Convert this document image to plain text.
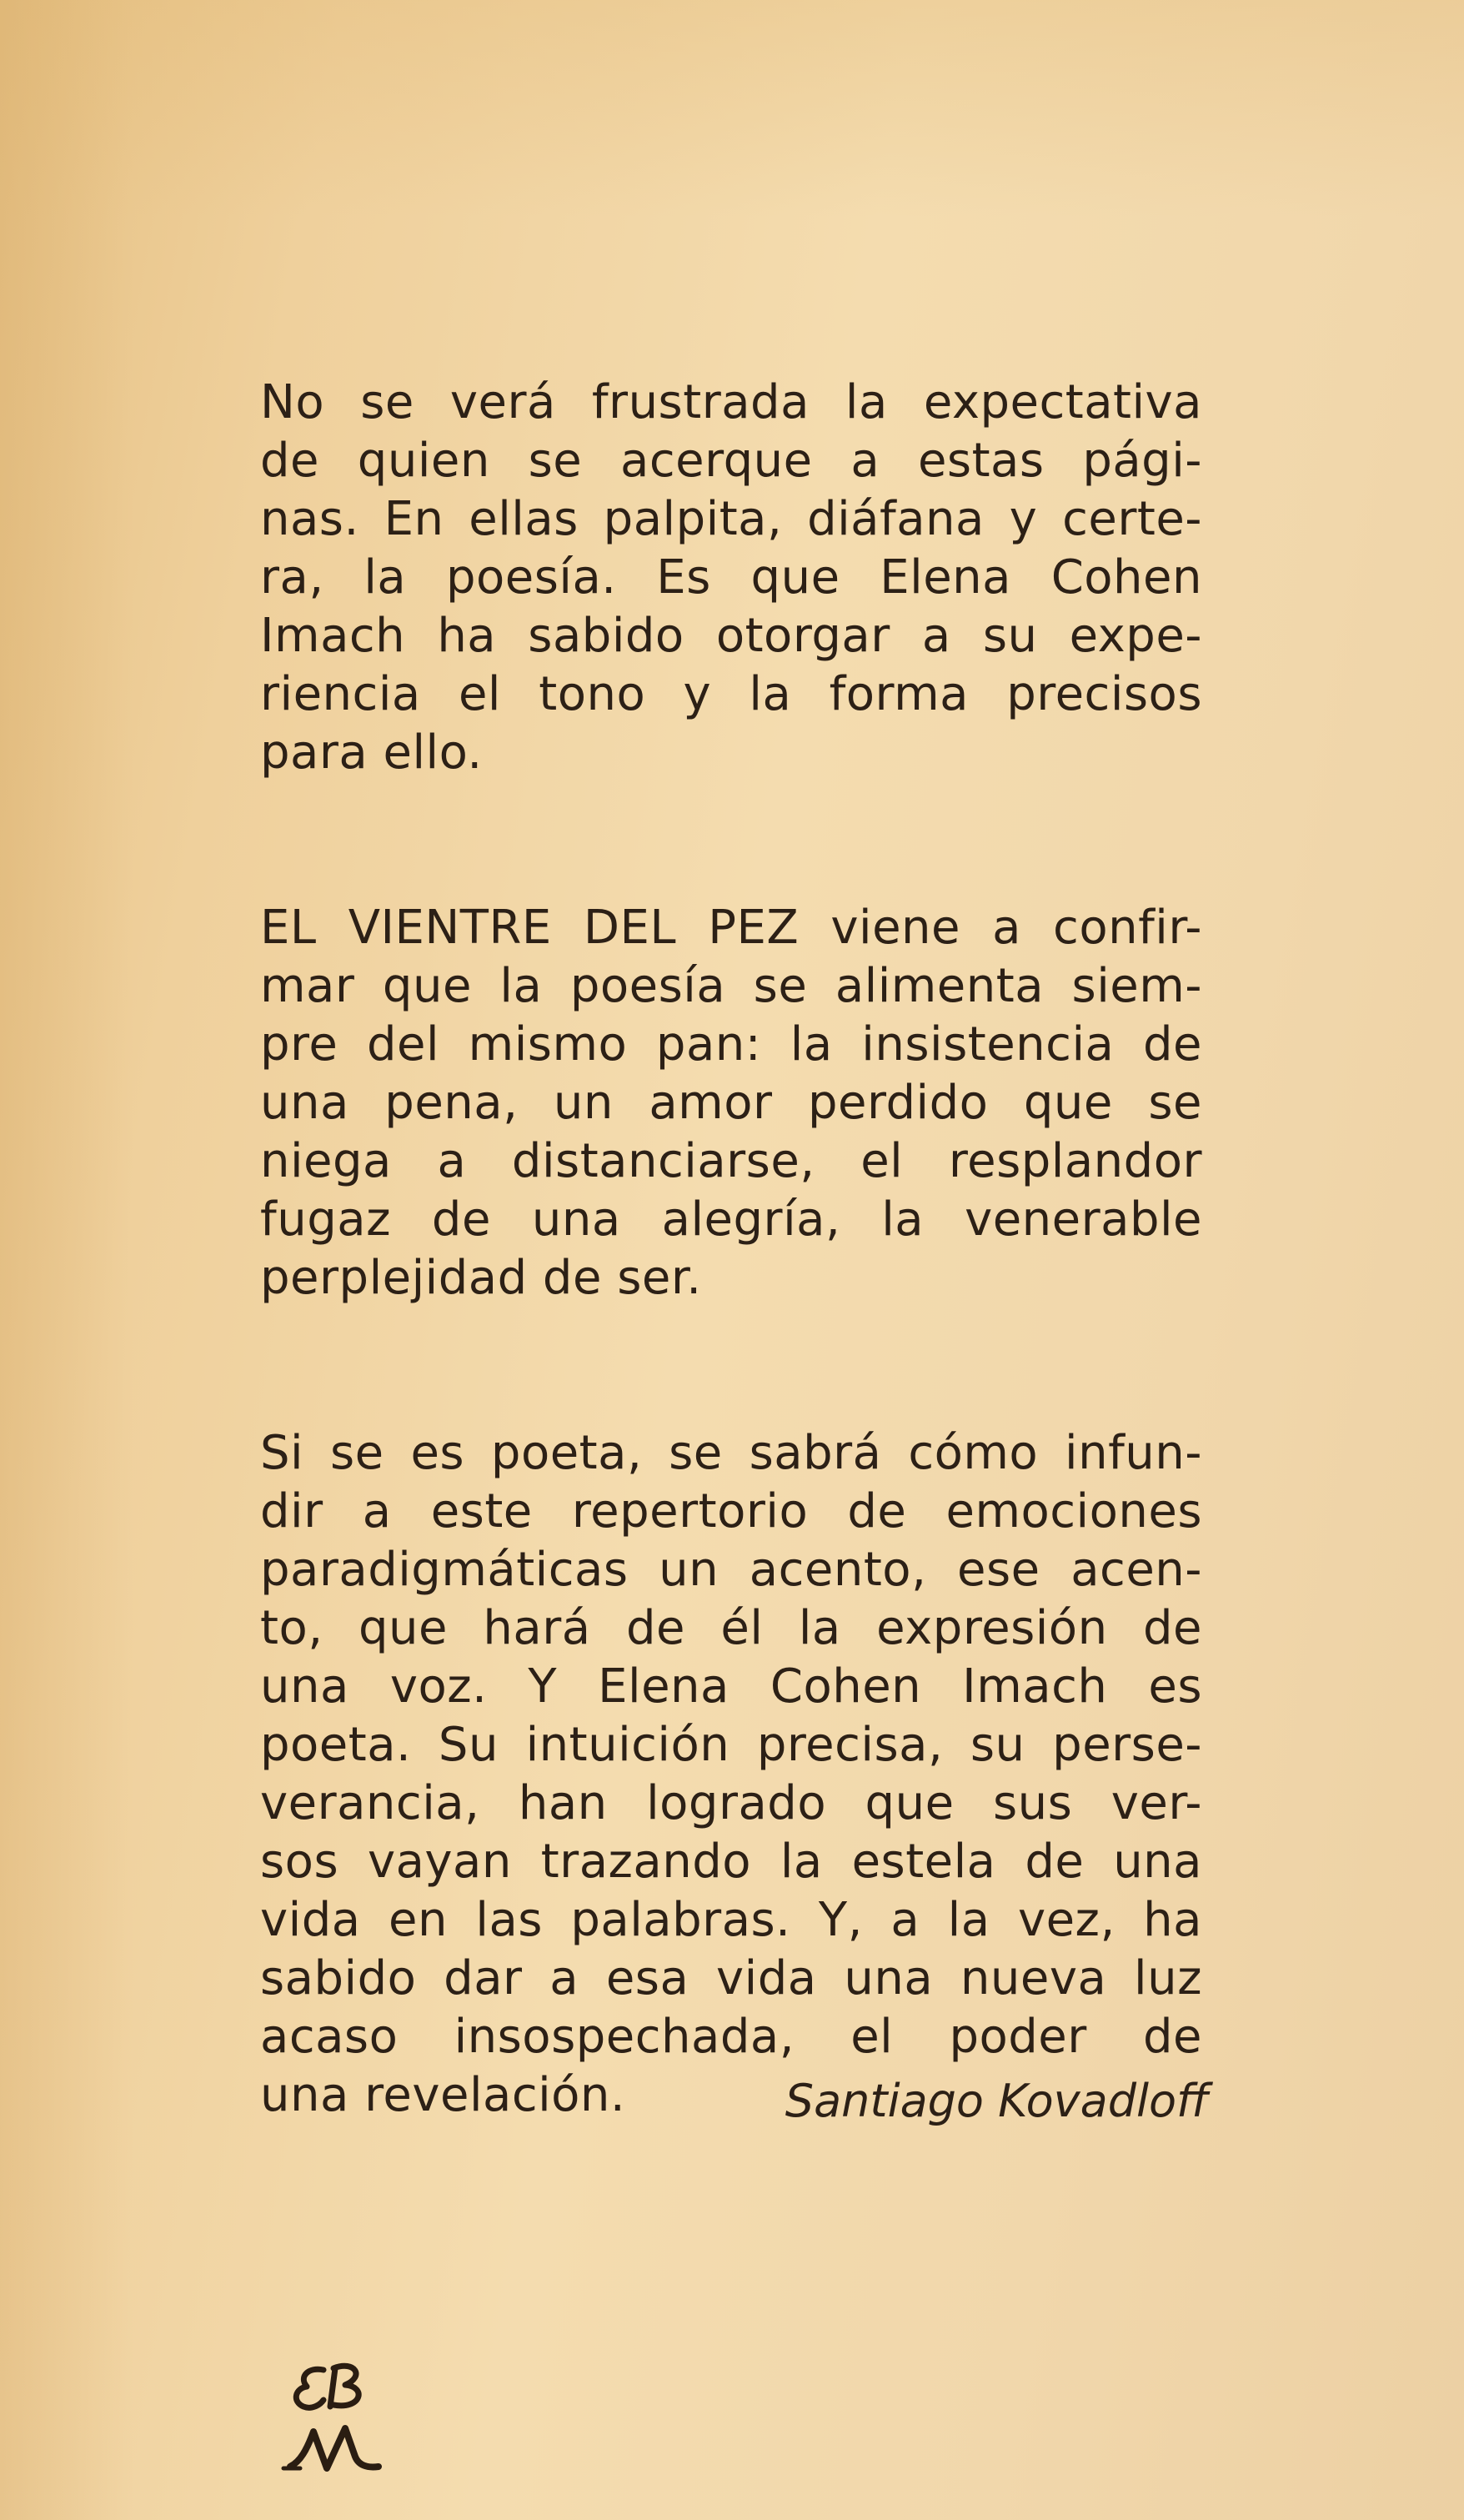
No se verá frustrada la expectativa
de quien se acerque a estas pági-
nas. En ellas palpita, diáfana y certe-
ra, la poesía. Es que Elena Cohen
Imach ha sabido otorgar a su expe-
riencia el tono y la forma precisos
para ello.
EL VIENTRE DEL PEZ viene a confir-
mar que la poesía se alimenta siem-
pre del mismo pan: la insistencia de
una pena, un amor perdido que se
niega a distanciarse, el resplandor
fugaz de una alegría, la venerable
perplejidad de ser.
Si se es poeta, se sabrá cómo infun-
dir a este repertorio de emociones
paradigmáticas un acento, ese acen-
to, que hará de él la expresión de
una voz. Y Elena Cohen Imach es
poeta. Su intuición precisa, su perse-
verancia, han logrado que sus ver-
sos vayan trazando la estela de una
vida en las palabras. Y, a la vez, ha
sabido dar a esa vida una nueva luz
acaso insospechada, el poder de
una revelación.	Santiago Kovadloff
